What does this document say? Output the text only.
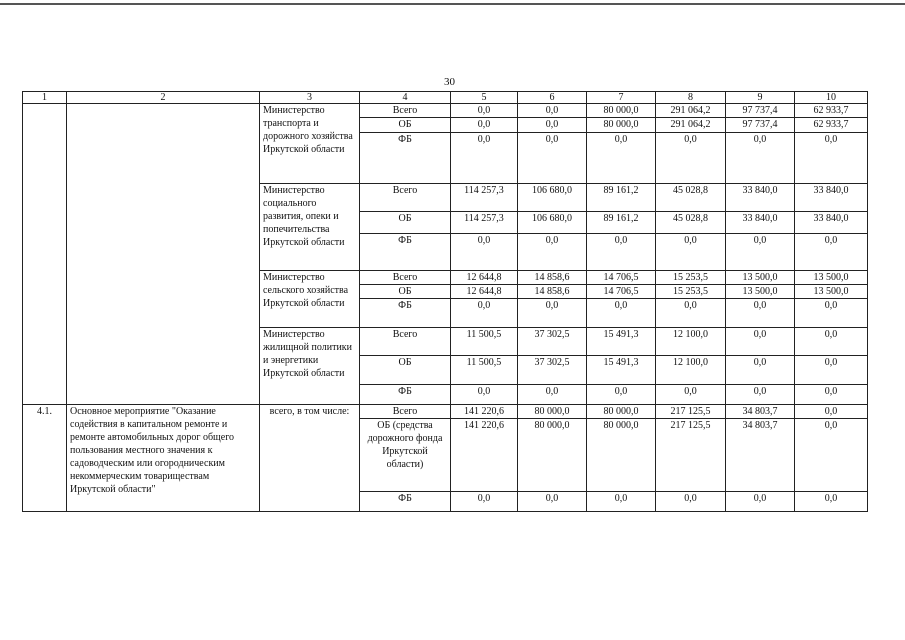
30
1	2	3	4	5	6	7	8	9	10
		Министерство транспорта и дорожного хозяйства Иркутской области	Всего	0,0	0,0	80 000,0	291 064,2	97 737,4	62 933,7
			ОБ	0,0	0,0	80 000,0	291 064,2	97 737,4	62 933,7
			ФБ	0,0	0,0	0,0	0,0	0,0	0,0
		Министерство социального развития, опеки и попечительства Иркутской области	Всего	114 257,3	106 680,0	89 161,2	45 028,8	33 840,0	33 840,0
			ОБ	114 257,3	106 680,0	89 161,2	45 028,8	33 840,0	33 840,0
			ФБ	0,0	0,0	0,0	0,0	0,0	0,0
		Министерство сельского хозяйства Иркутской области	Всего	12 644,8	14 858,6	14 706,5	15 253,5	13 500,0	13 500,0
			ОБ	12 644,8	14 858,6	14 706,5	15 253,5	13 500,0	13 500,0
			ФБ	0,0	0,0	0,0	0,0	0,0	0,0
		Министерство жилищной политики и энергетики Иркутской области	Всего	11 500,5	37 302,5	15 491,3	12 100,0	0,0	0,0
			ОБ	11 500,5	37 302,5	15 491,3	12 100,0	0,0	0,0
			ФБ	0,0	0,0	0,0	0,0	0,0	0,0
4.1.	Основное мероприятие "Оказание содействия в капитальном ремонте и ремонте автомобильных дорог общего пользования местного значения к садоводческим или огородническим некоммерческим товариществам Иркутской области"	всего, в том числе:	Всего	141 220,6	80 000,0	80 000,0	217 125,5	34 803,7	0,0
			ОБ (средства дорожного фонда Иркутской области)	141 220,6	80 000,0	80 000,0	217 125,5	34 803,7	0,0
			ФБ	0,0	0,0	0,0	0,0	0,0	0,0
